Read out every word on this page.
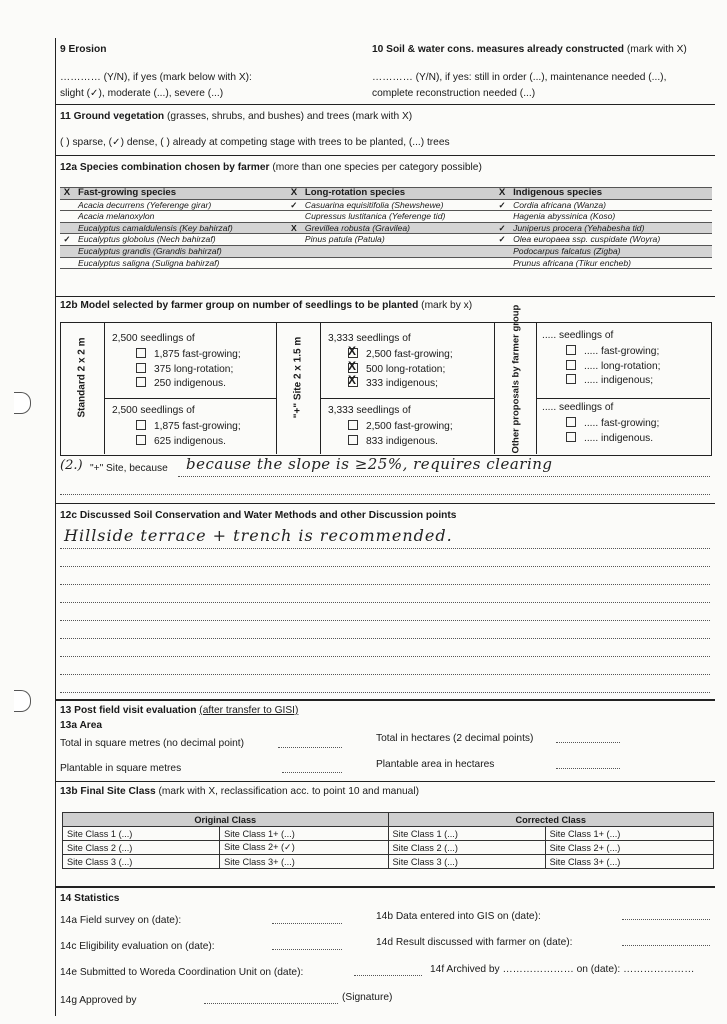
9 Erosion
………… (Y/N), if yes (mark below with X):
slight (✓), moderate (...), severe (...)
10 Soil & water cons. measures already constructed (mark with X)
………… (Y/N), if yes: still in order (...), maintenance needed (...),
complete reconstruction needed (...)
11 Ground vegetation (grasses, shrubs, and bushes) and trees (mark with X)
( ) sparse, (✓) dense, ( ) already at competing stage with trees to be planted, (...) trees
12a Species combination chosen by farmer (more than one species per category possible)
X	Fast-growing species	X	Long-rotation species	X	Indigenous species
	Acacia decurrens (Yeferenge girar)	✓	Casuarina equisitifolia (Shewshewe)	✓	Cordia africana (Wanza)
	Acacia melanoxylon		Cupressus lustitanica (Yeferenge tid)		Hagenia abyssinica (Koso)
	Eucalyptus camaldulensis (Key bahirzaf)	X	Grevillea robusta (Gravilea)	✓	Juniperus procera (Yehabesha tid)
✓	Eucalyptus globolus (Nech bahirzaf)		Pinus patula (Patula)	✓	Olea europaea ssp. cuspidate (Woyra)
	Eucalyptus grandis (Grandis bahirzaf)				Podocarpus falcatus (Zigba)
	Eucalyptus saligna (Suligna bahirzaf)				Prunus africana (Tikur encheb)
12b Model selected by farmer group on number of seedlings to be planted (mark by x)
Standard 2 x 2 m	"+" Site 2 x 1.5 m	Other proposals by farmer group
2,500 seedlings of
1,875 fast-growing;
375 long-rotation;
250 indigenous.
2,500 seedlings of
1,875 fast-growing;
625 indigenous.
3,333 seedlings of
X 2,500 fast-growing;
X 500 long-rotation;
X 333 indigenous;
3,333 seedlings of
2,500 fast-growing;
833 indigenous.
..... seedlings of
..... fast-growing;
..... long-rotation;
..... indigenous;
..... seedlings of
..... fast-growing;
..... indigenous.
(2.) "+" Site, because because the slope is ≥25%, requires clearing
12c Discussed Soil Conservation and Water Methods and other Discussion points
Hillside terrace + trench is recommended.
13 Post field visit evaluation (after transfer to GISI)
13a Area
Total in square metres (no decimal point)	Total in hectares (2 decimal points)
Plantable in square metres	Plantable area in hectares
13b Final Site Class (mark with X, reclassification acc. to point 10 and manual)
Original Class		Corrected Class	
Site Class 1 (...)	Site Class 1+ (...)	Site Class 1 (...)	Site Class 1+ (...)
Site Class 2 (...)	Site Class 2+ (✓)	Site Class 2 (...)	Site Class 2+ (...)
Site Class 3 (...)	Site Class 3+ (...)	Site Class 3 (...)	Site Class 3+ (...)
14 Statistics
14a Field survey on (date):	14b Data entered into GIS on (date):
14c Eligibility evaluation on (date):	14d Result discussed with farmer on (date):
14e Submitted to Woreda Coordination Unit on (date):	14f Archived by ………………… on (date): …………………
14g Approved by	(Signature)
